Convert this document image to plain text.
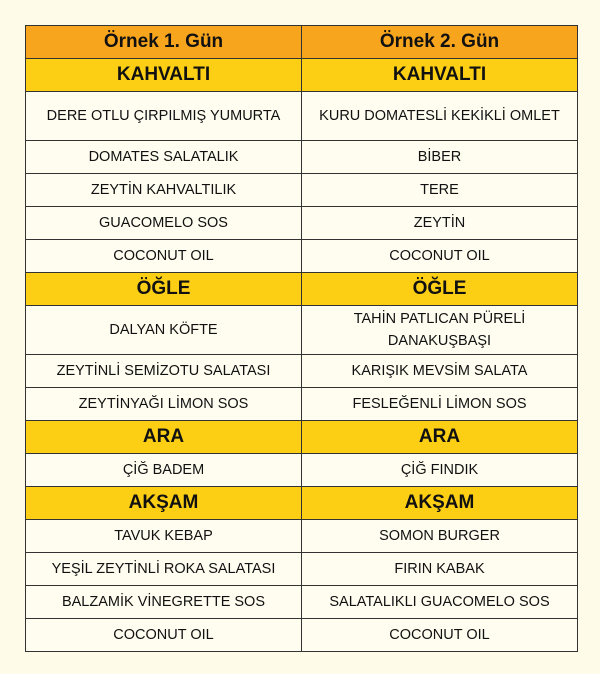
Örnek 1. Gün	Örnek 2. Gün
KAHVALTI	KAHVALTI
DERE OTLU ÇIRPILMIŞ YUMURTA	KURU DOMATESLİ KEKİKLİ OMLET
DOMATES SALATALIK	BİBER
ZEYTİN KAHVALTILIK	TERE
GUACOMELO SOS	ZEYTİN
COCONUT OIL	COCONUT OIL
ÖĞLE	ÖĞLE
DALYAN KÖFTE	TAHİN PATLICAN PÜRELİ DANAKUŞBAŞI
ZEYTİNLİ SEMİZOTU SALATASI	KARIŞIK MEVSİM SALATA
ZEYTİNYAĞI LİMON SOS	FESLEĞENLİ LİMON SOS
ARA	ARA
ÇİĞ BADEM	ÇİĞ FINDIK
AKŞAM	AKŞAM
TAVUK KEBAP	SOMON BURGER
YEŞİL ZEYTİNLİ ROKA SALATASI	FIRIN KABAK
BALZAMİK VİNEGRETTE SOS	SALATALIKLI GUACOMELO SOS
COCONUT OIL	COCONUT OIL
